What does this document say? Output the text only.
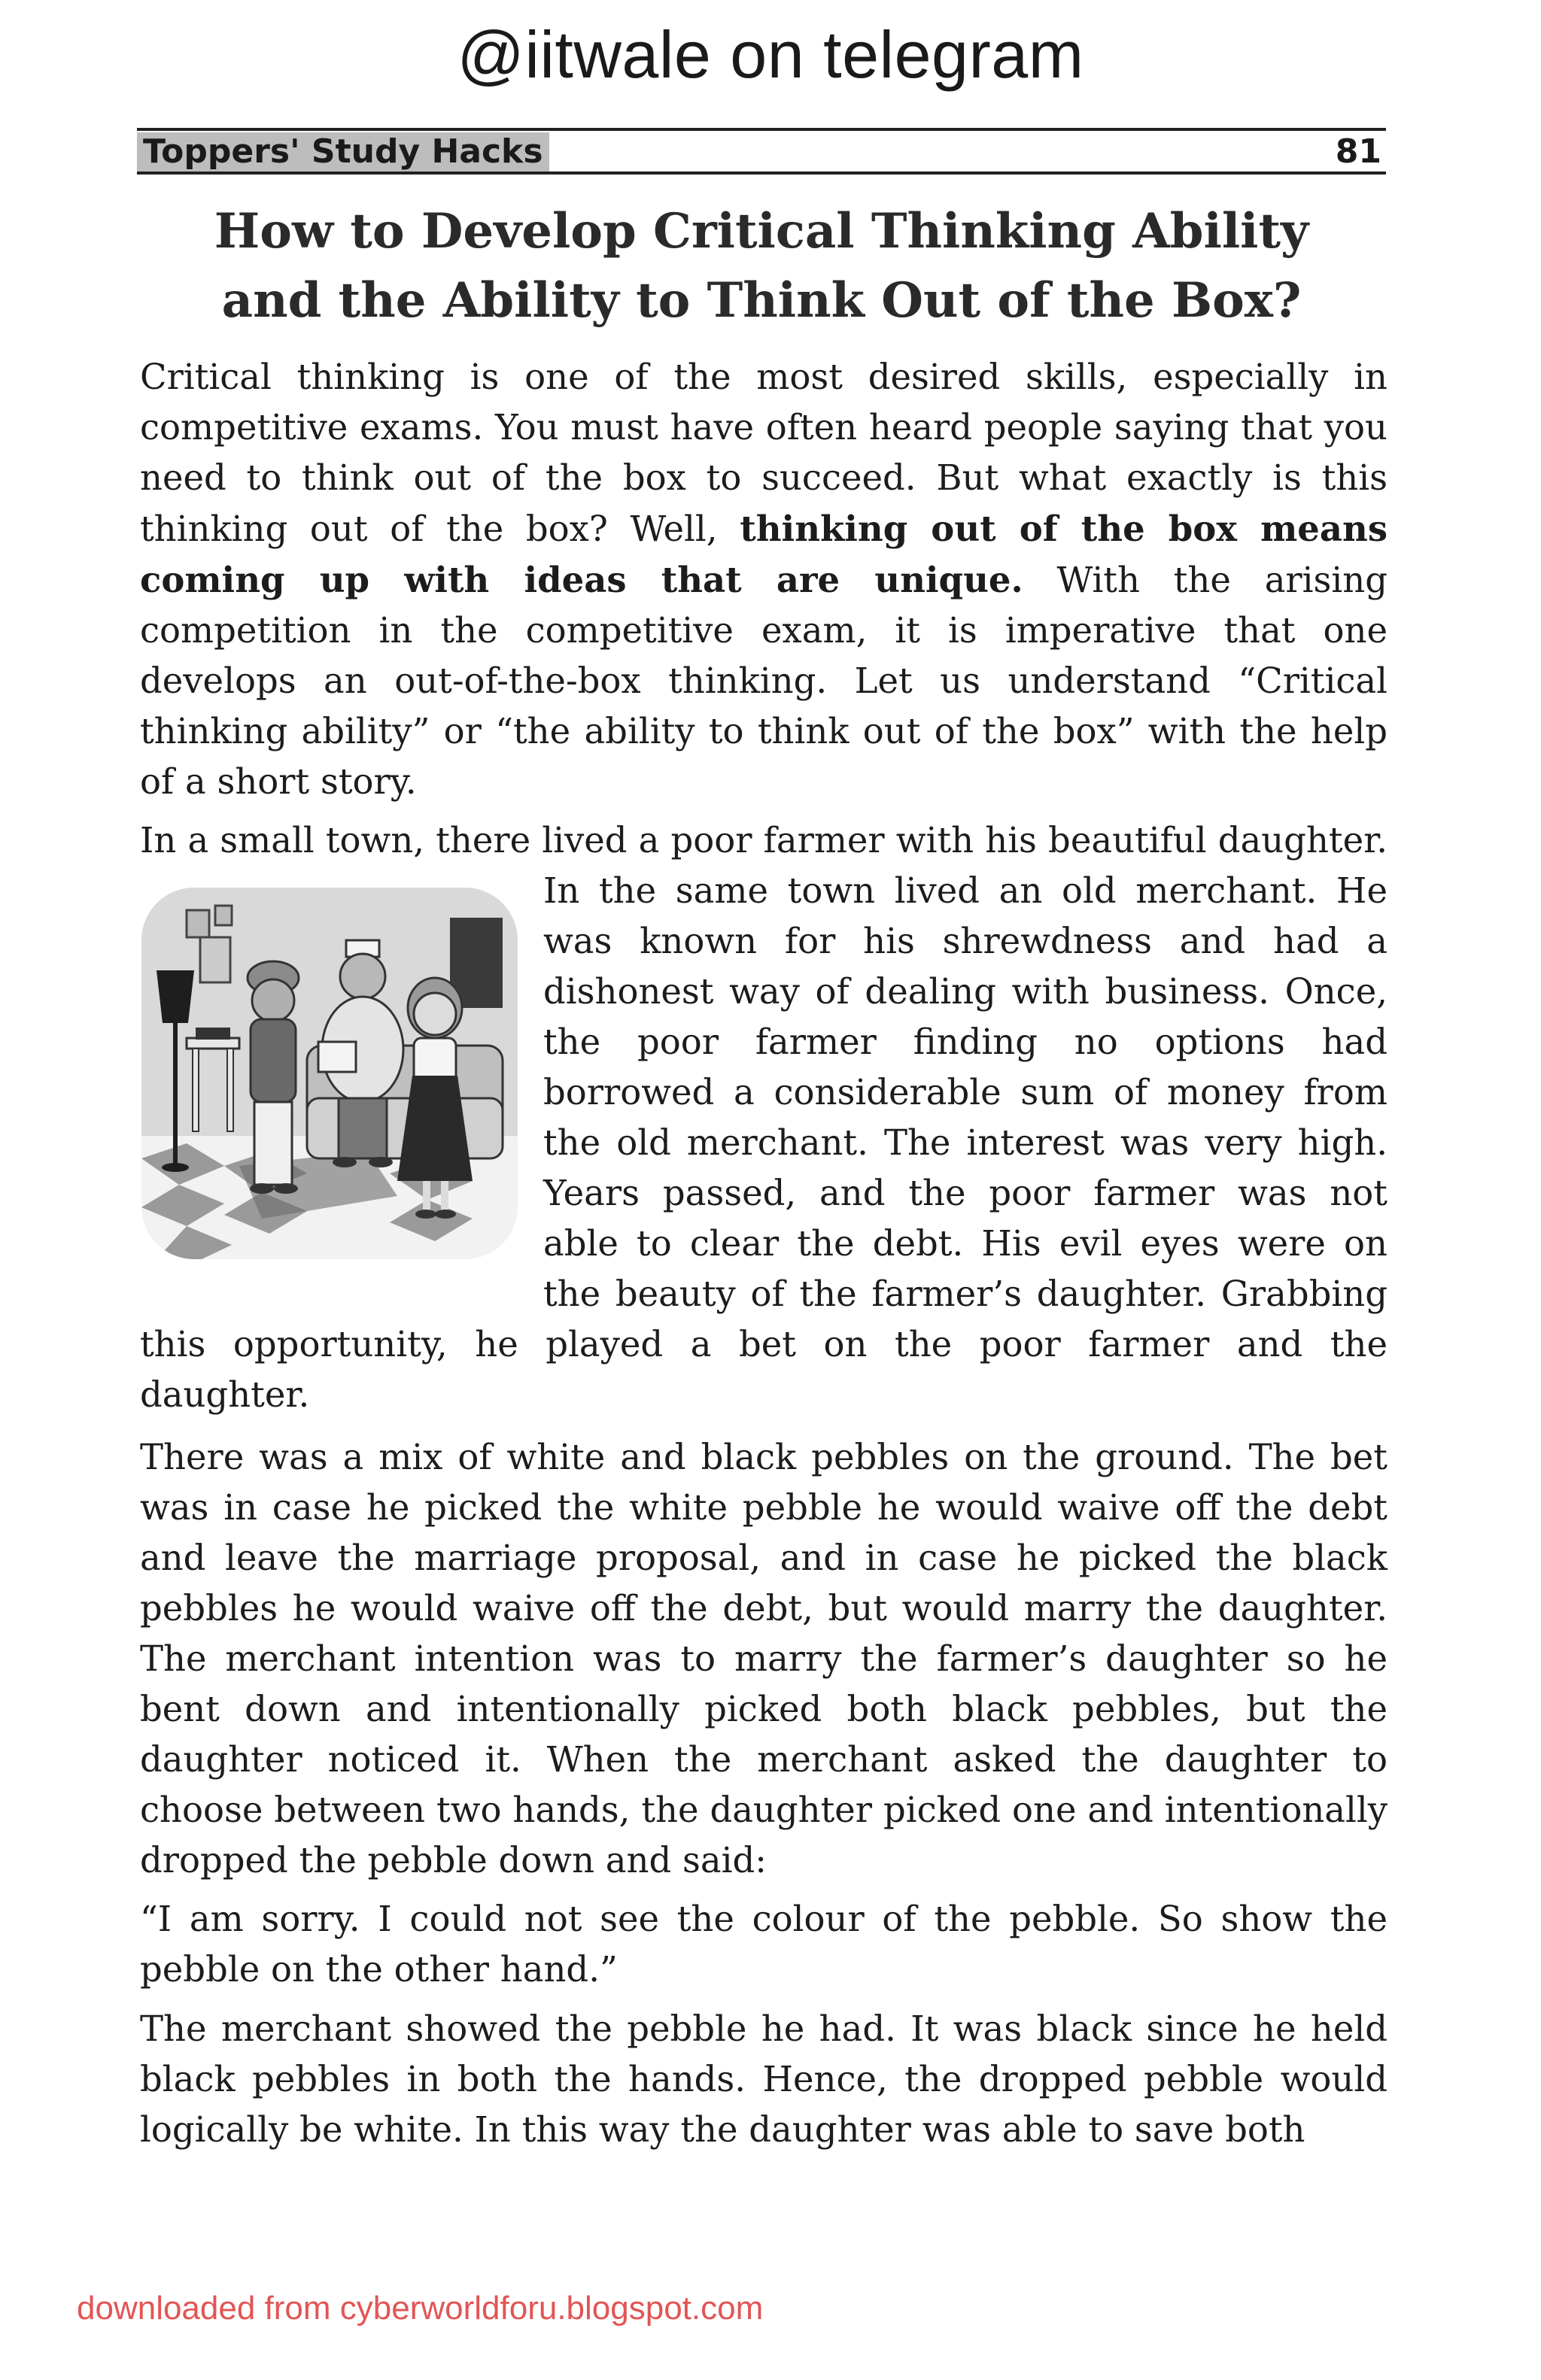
@iitwale on telegram
Toppers' Study Hacks	81
How to Develop Critical Thinking Ability
and the Ability to Think Out of the Box?

Critical thinking is one of the most desired skills, especially in competitive exams. You must have often heard people saying that you need to think out of the box to succeed. But what exactly is this thinking out of the box? Well, thinking out of the box means coming up with ideas that are unique. With the arising competition in the competitive exam, it is imperative that one develops an out-of-the-box thinking. Let us understand “Critical thinking ability” or “the ability to think out of the box” with the help of a short story.

In a small town, there lived a poor farmer with his beautiful daughter. In the same town lived an old merchant. He was known for his shrewdness and had a dishonest way of dealing with business. Once, the poor farmer finding no options had borrowed a considerable sum of money from the old merchant. The interest was very high. Years passed, and the poor farmer was not able to clear the debt. His evil eyes were on the beauty of the farmer’s daughter. Grabbing this opportunity, he played a bet on the poor farmer and the daughter.

There was a mix of white and black pebbles on the ground. The bet was in case he picked the white pebble he would waive off the debt and leave the marriage proposal, and in case he picked the black pebbles he would waive off the debt, but would marry the daughter. The merchant intention was to marry the farmer’s daughter so he bent down and intentionally picked both black pebbles, but the daughter noticed it. When the merchant asked the daughter to choose between two hands, the daughter picked one and intentionally dropped the pebble down and said:

“I am sorry. I could not see the colour of the pebble. So show the pebble on the other hand.”

The merchant showed the pebble he had. It was black since he held black pebbles in both the hands. Hence, the dropped pebble would logically be white. In this way the daughter was able to save both

downloaded from cyberworldforu.blogspot.com
